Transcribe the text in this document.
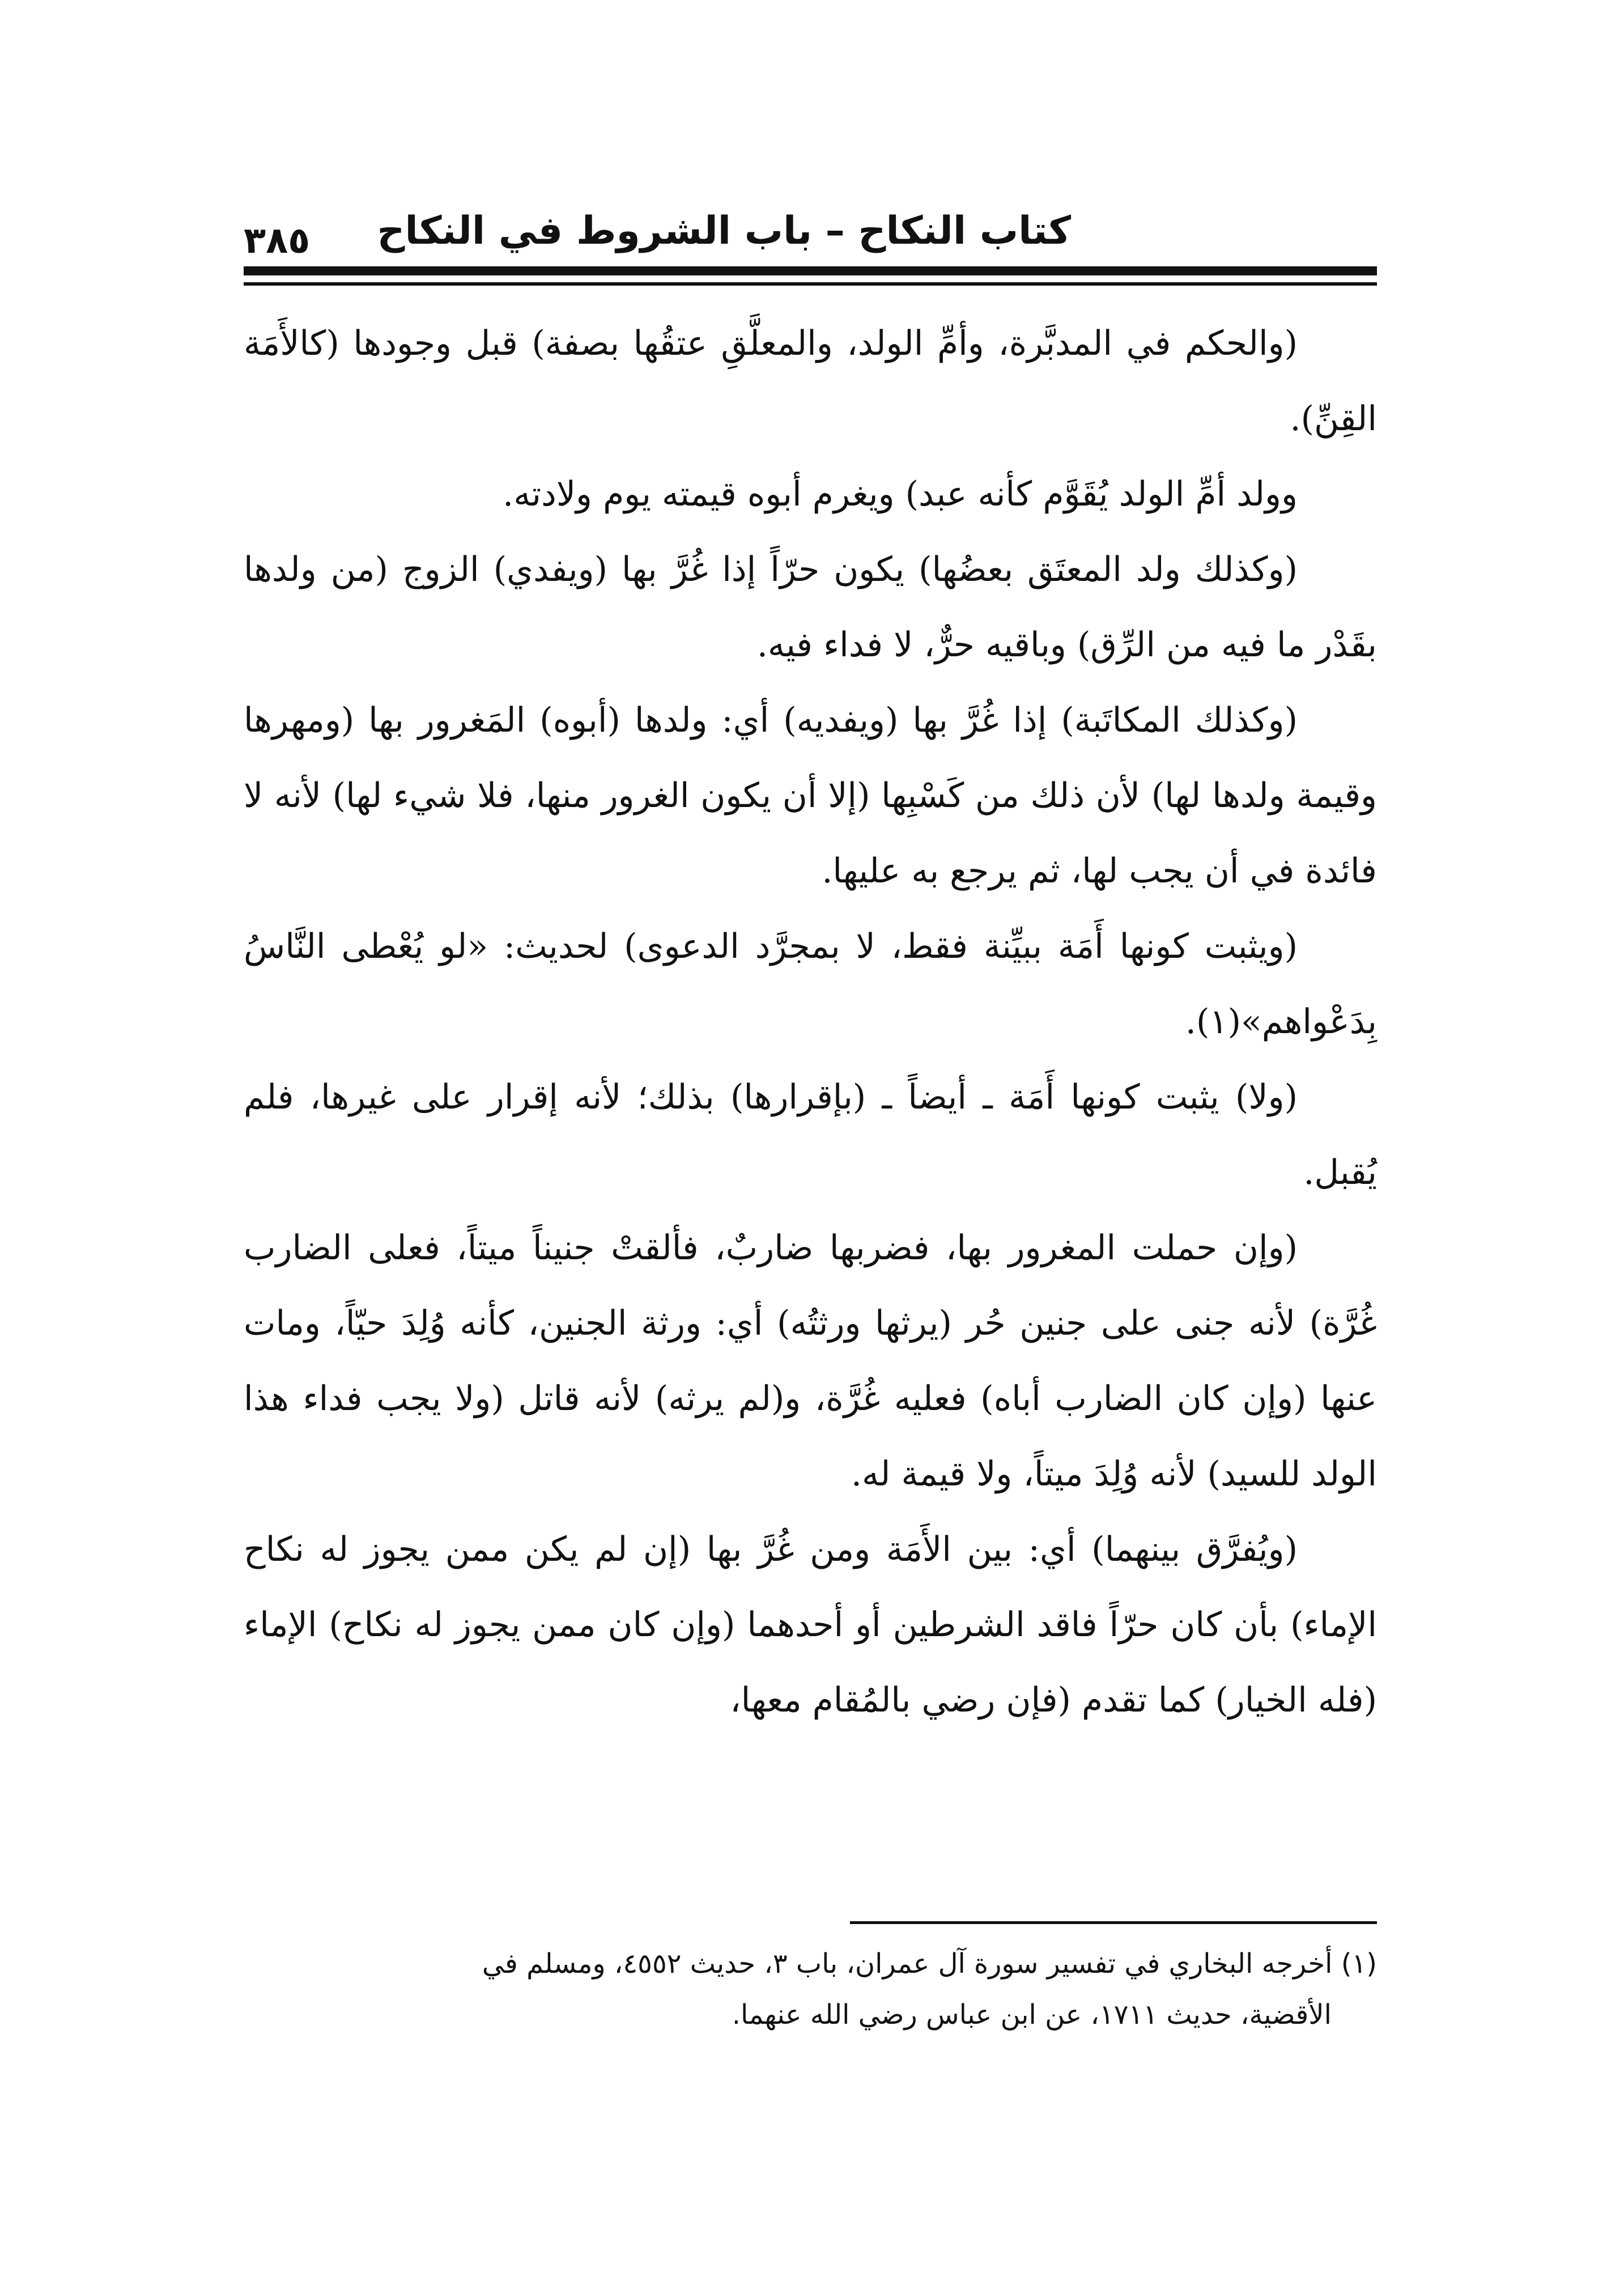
كتاب النكاح – باب الشروط في النكاح
٣٨٥

(والحكم في المدبَّرة، وأمِّ الولد، والمعلَّقِ عتقُها بصفة) قبل وجودها (كالأَمَة القِنِّ).

وولد أمِّ الولد يُقَوَّم كأنه عبد) ويغرم أبوه قيمته يوم ولادته.

(وكذلك ولد المعتَق بعضُها) يكون حرّاً إذا غُرَّ بها (ويفدي) الزوج (من ولدها بقَدْر ما فيه من الرِّق) وباقيه حرٌّ، لا فداء فيه.

(وكذلك المكاتَبة) إذا غُرَّ بها (ويفديه) أي: ولدها (أبوه) المَغرور بها (ومهرها وقيمة ولدها لها) لأن ذلك من كَسْبِها (إلا أن يكون الغرور منها، فلا شيء لها) لأنه لا فائدة في أن يجب لها، ثم يرجع به عليها.

(ويثبت كونها أَمَة ببيِّنة فقط، لا بمجرَّد الدعوى) لحديث: «لو يُعْطى النَّاسُ بِدَعْواهم»(١).

(ولا) يثبت كونها أَمَة ـ أيضاً ـ (بإقرارها) بذلك؛ لأنه إقرار على غيرها، فلم يُقبل.

(وإن حملت المغرور بها، فضربها ضاربٌ، فألقتْ جنيناً ميتاً، فعلى الضارب غُرَّة) لأنه جنى على جنين حُر (يرثها ورثتُه) أي: ورثة الجنين، كأنه وُلِدَ حيّاً، ومات عنها (وإن كان الضارب أباه) فعليه غُرَّة، و(لم يرثه) لأنه قاتل (ولا يجب فداء هذا الولد للسيد) لأنه وُلِدَ ميتاً، ولا قيمة له.

(ويُفرَّق بينهما) أي: بين الأَمَة ومن غُرَّ بها (إن لم يكن ممن يجوز له نكاح الإماء) بأن كان حرّاً فاقد الشرطين أو أحدهما (وإن كان ممن يجوز له نكاح) الإماء (فله الخيار) كما تقدم (فإن رضي بالمُقام معها،

(١) أخرجه البخاري في تفسير سورة آل عمران، باب ٣، حديث ٤٥٥٢، ومسلم في

الأقضية، حديث ١٧١١، عن ابن عباس رضي الله عنهما.
